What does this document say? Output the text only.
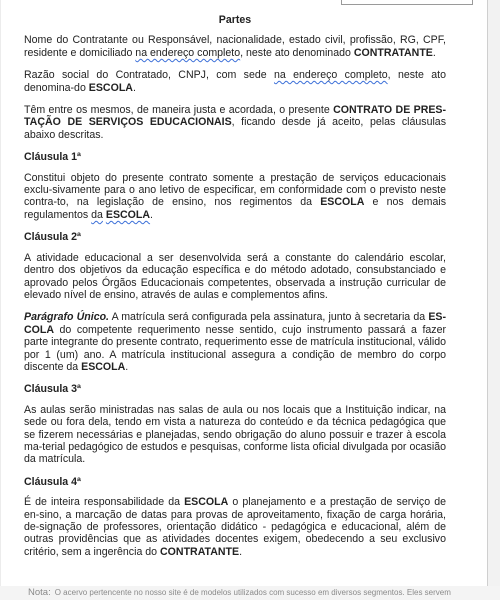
Partes
Nome do Contratante ou Responsável, nacionalidade, estado civil, profissão, RG, CPF, residente e domiciliado na endereço completo, neste ato denominado CONTRATANTE.
Razão social do Contratado, CNPJ, com sede na endereço completo, neste ato denomina-do ESCOLA.
Têm entre os mesmos, de maneira justa e acordada, o presente CONTRATO DE PRES-TAÇÃO DE SERVIÇOS EDUCACIONAIS, ficando desde já aceito, pelas cláusulas abaixo descritas.
Cláusula 1ª
Constitui objeto do presente contrato somente a prestação de serviços educacionais exclu-sivamente para o ano letivo de especificar, em conformidade com o previsto neste contra-to, na legislação de ensino, nos regimentos da ESCOLA e nos demais regulamentos da ESCOLA.
Cláusula 2ª
A atividade educacional a ser desenvolvida será a constante do calendário escolar, dentro dos objetivos da educação específica e do método adotado, consubstanciado e aprovado pelos Órgãos Educacionais competentes, observada a instrução curricular de elevado nível de ensino, através de aulas e complementos afins.
Parágrafo Único. A matrícula será configurada pela assinatura, junto à secretaria da ES-COLA do competente requerimento nesse sentido, cujo instrumento passará a fazer parte integrante do presente contrato, requerimento esse de matrícula institucional, válido por 1 (um) ano. A matrícula institucional assegura a condição de membro do corpo discente da ESCOLA.
Cláusula 3ª
As aulas serão ministradas nas salas de aula ou nos locais que a Instituição indicar, na sede ou fora dela, tendo em vista a natureza do conteúdo e da técnica pedagógica que se fizerem necessárias e planejadas, sendo obrigação do aluno possuir e trazer à escola ma-terial pedagógico de estudos e pesquisas, conforme lista oficial divulgada por ocasião da matrícula.
Cláusula 4ª
É de inteira responsabilidade da ESCOLA o planejamento e a prestação de serviço de en-sino, a marcação de datas para provas de aproveitamento, fixação de carga horária, de-signação de professores, orientação didático - pedagógica e educacional, além de outras providências que as atividades docentes exigem, obedecendo a seu exclusivo critério, sem a ingerência do CONTRATANTE.
Nota: O acervo pertencente no nosso site é de modelos utilizados com sucesso em diversos segmentos. Eles servem
